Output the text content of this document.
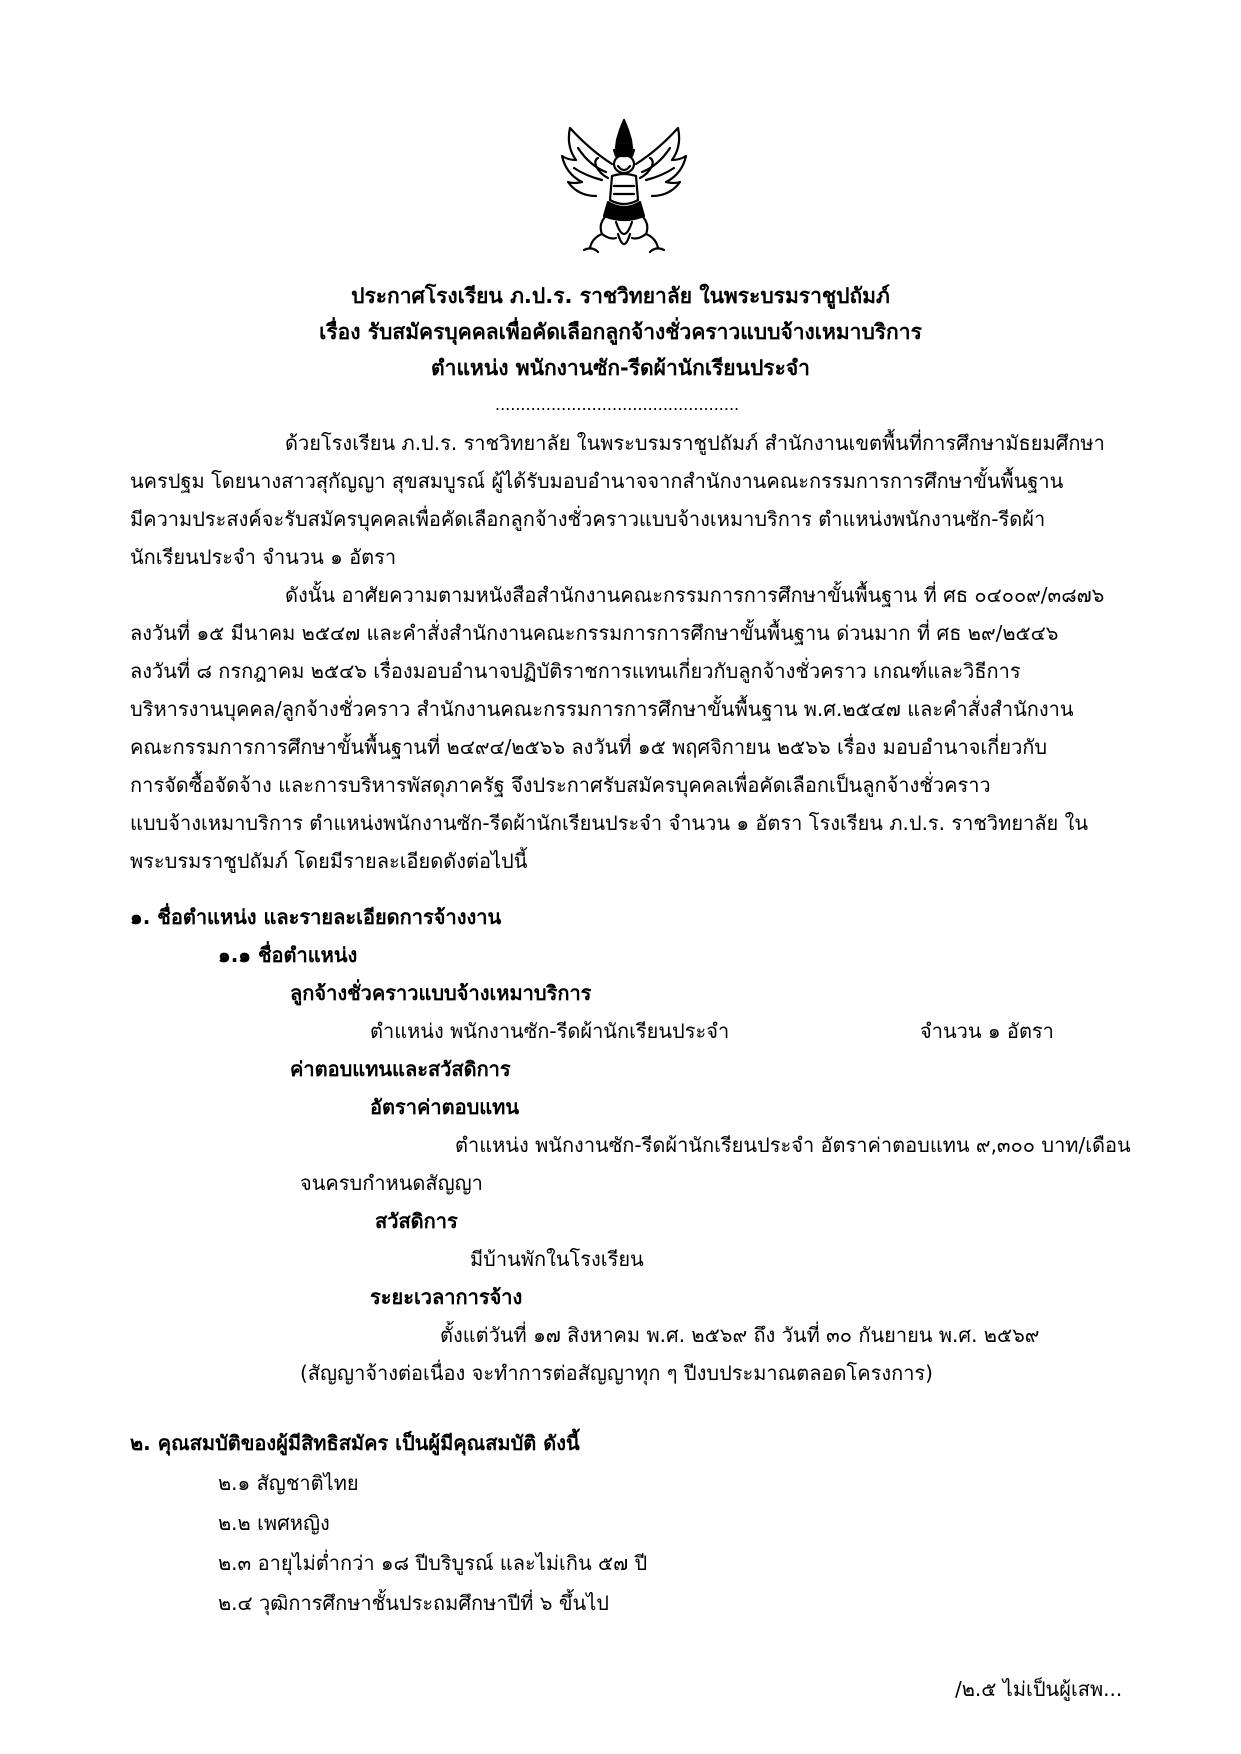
ประกาศโรงเรียน ภ.ป.ร. ราชวิทยาลัย ในพระบรมราชูปถัมภ์
เรื่อง รับสมัครบุคคลเพื่อคัดเลือกลูกจ้างชั่วคราวแบบจ้างเหมาบริการ
ตำแหน่ง พนักงานซัก-รีดผ้านักเรียนประจำ
................................................
ด้วยโรงเรียน ภ.ป.ร. ราชวิทยาลัย ในพระบรมราชูปถัมภ์ สำนักงานเขตพื้นที่การศึกษามัธยมศึกษา
นครปฐม โดยนางสาวสุกัญญา สุขสมบูรณ์ ผู้ได้รับมอบอำนาจจากสำนักงานคณะกรรมการการศึกษาขั้นพื้นฐาน
มีความประสงค์จะรับสมัครบุคคลเพื่อคัดเลือกลูกจ้างชั่วคราวแบบจ้างเหมาบริการ ตำแหน่งพนักงานซัก-รีดผ้า
นักเรียนประจำ จำนวน ๑ อัตรา
ดังนั้น อาศัยความตามหนังสือสำนักงานคณะกรรมการการศึกษาขั้นพื้นฐาน ที่ ศธ ๐๔๐๐๙/๓๘๗๖
ลงวันที่ ๑๕ มีนาคม ๒๕๔๗ และคำสั่งสำนักงานคณะกรรมการการศึกษาขั้นพื้นฐาน ด่วนมาก ที่ ศธ ๒๙/๒๕๔๖
ลงวันที่ ๘ กรกฎาคม ๒๕๔๖ เรื่องมอบอำนาจปฏิบัติราชการแทนเกี่ยวกับลูกจ้างชั่วคราว เกณฑ์และวิธีการ
บริหารงานบุคคล/ลูกจ้างชั่วคราว สำนักงานคณะกรรมการการศึกษาขั้นพื้นฐาน พ.ศ.๒๕๔๗ และคำสั่งสำนักงาน
คณะกรรมการการศึกษาขั้นพื้นฐานที่ ๒๔๙๔/๒๕๖๖ ลงวันที่ ๑๕ พฤศจิกายน ๒๕๖๖ เรื่อง มอบอำนาจเกี่ยวกับ
การจัดซื้อจัดจ้าง และการบริหารพัสดุภาครัฐ จึงประกาศรับสมัครบุคคลเพื่อคัดเลือกเป็นลูกจ้างชั่วคราว
แบบจ้างเหมาบริการ ตำแหน่งพนักงานซัก-รีดผ้านักเรียนประจำ จำนวน ๑ อัตรา โรงเรียน ภ.ป.ร. ราชวิทยาลัย ใน
พระบรมราชูปถัมภ์ โดยมีรายละเอียดดังต่อไปนี้
๑. ชื่อตำแหน่ง และรายละเอียดการจ้างงาน
๑.๑ ชื่อตำแหน่ง
ลูกจ้างชั่วคราวแบบจ้างเหมาบริการ
ตำแหน่ง พนักงานซัก-รีดผ้านักเรียนประจำ	จำนวน ๑ อัตรา
ค่าตอบแทนและสวัสดิการ
อัตราค่าตอบแทน
ตำแหน่ง พนักงานซัก-รีดผ้านักเรียนประจำ อัตราค่าตอบแทน ๙,๓๐๐ บาท/เดือน
จนครบกำหนดสัญญา
สวัสดิการ
มีบ้านพักในโรงเรียน
ระยะเวลาการจ้าง
ตั้งแต่วันที่ ๑๗ สิงหาคม พ.ศ. ๒๕๖๙ ถึง วันที่ ๓๐ กันยายน พ.ศ. ๒๕๖๙
(สัญญาจ้างต่อเนื่อง จะทำการต่อสัญญาทุก ๆ ปีงบประมาณตลอดโครงการ)
๒. คุณสมบัติของผู้มีสิทธิสมัคร เป็นผู้มีคุณสมบัติ ดังนี้
๒.๑ สัญชาติไทย
๒.๒ เพศหญิง
๒.๓ อายุไม่ต่ำกว่า ๑๘ ปีบริบูรณ์ และไม่เกิน ๕๗ ปี
๒.๔ วุฒิการศึกษาชั้นประถมศึกษาปีที่ ๖ ขึ้นไป
/๒.๕ ไม่เป็นผู้เสพ...
